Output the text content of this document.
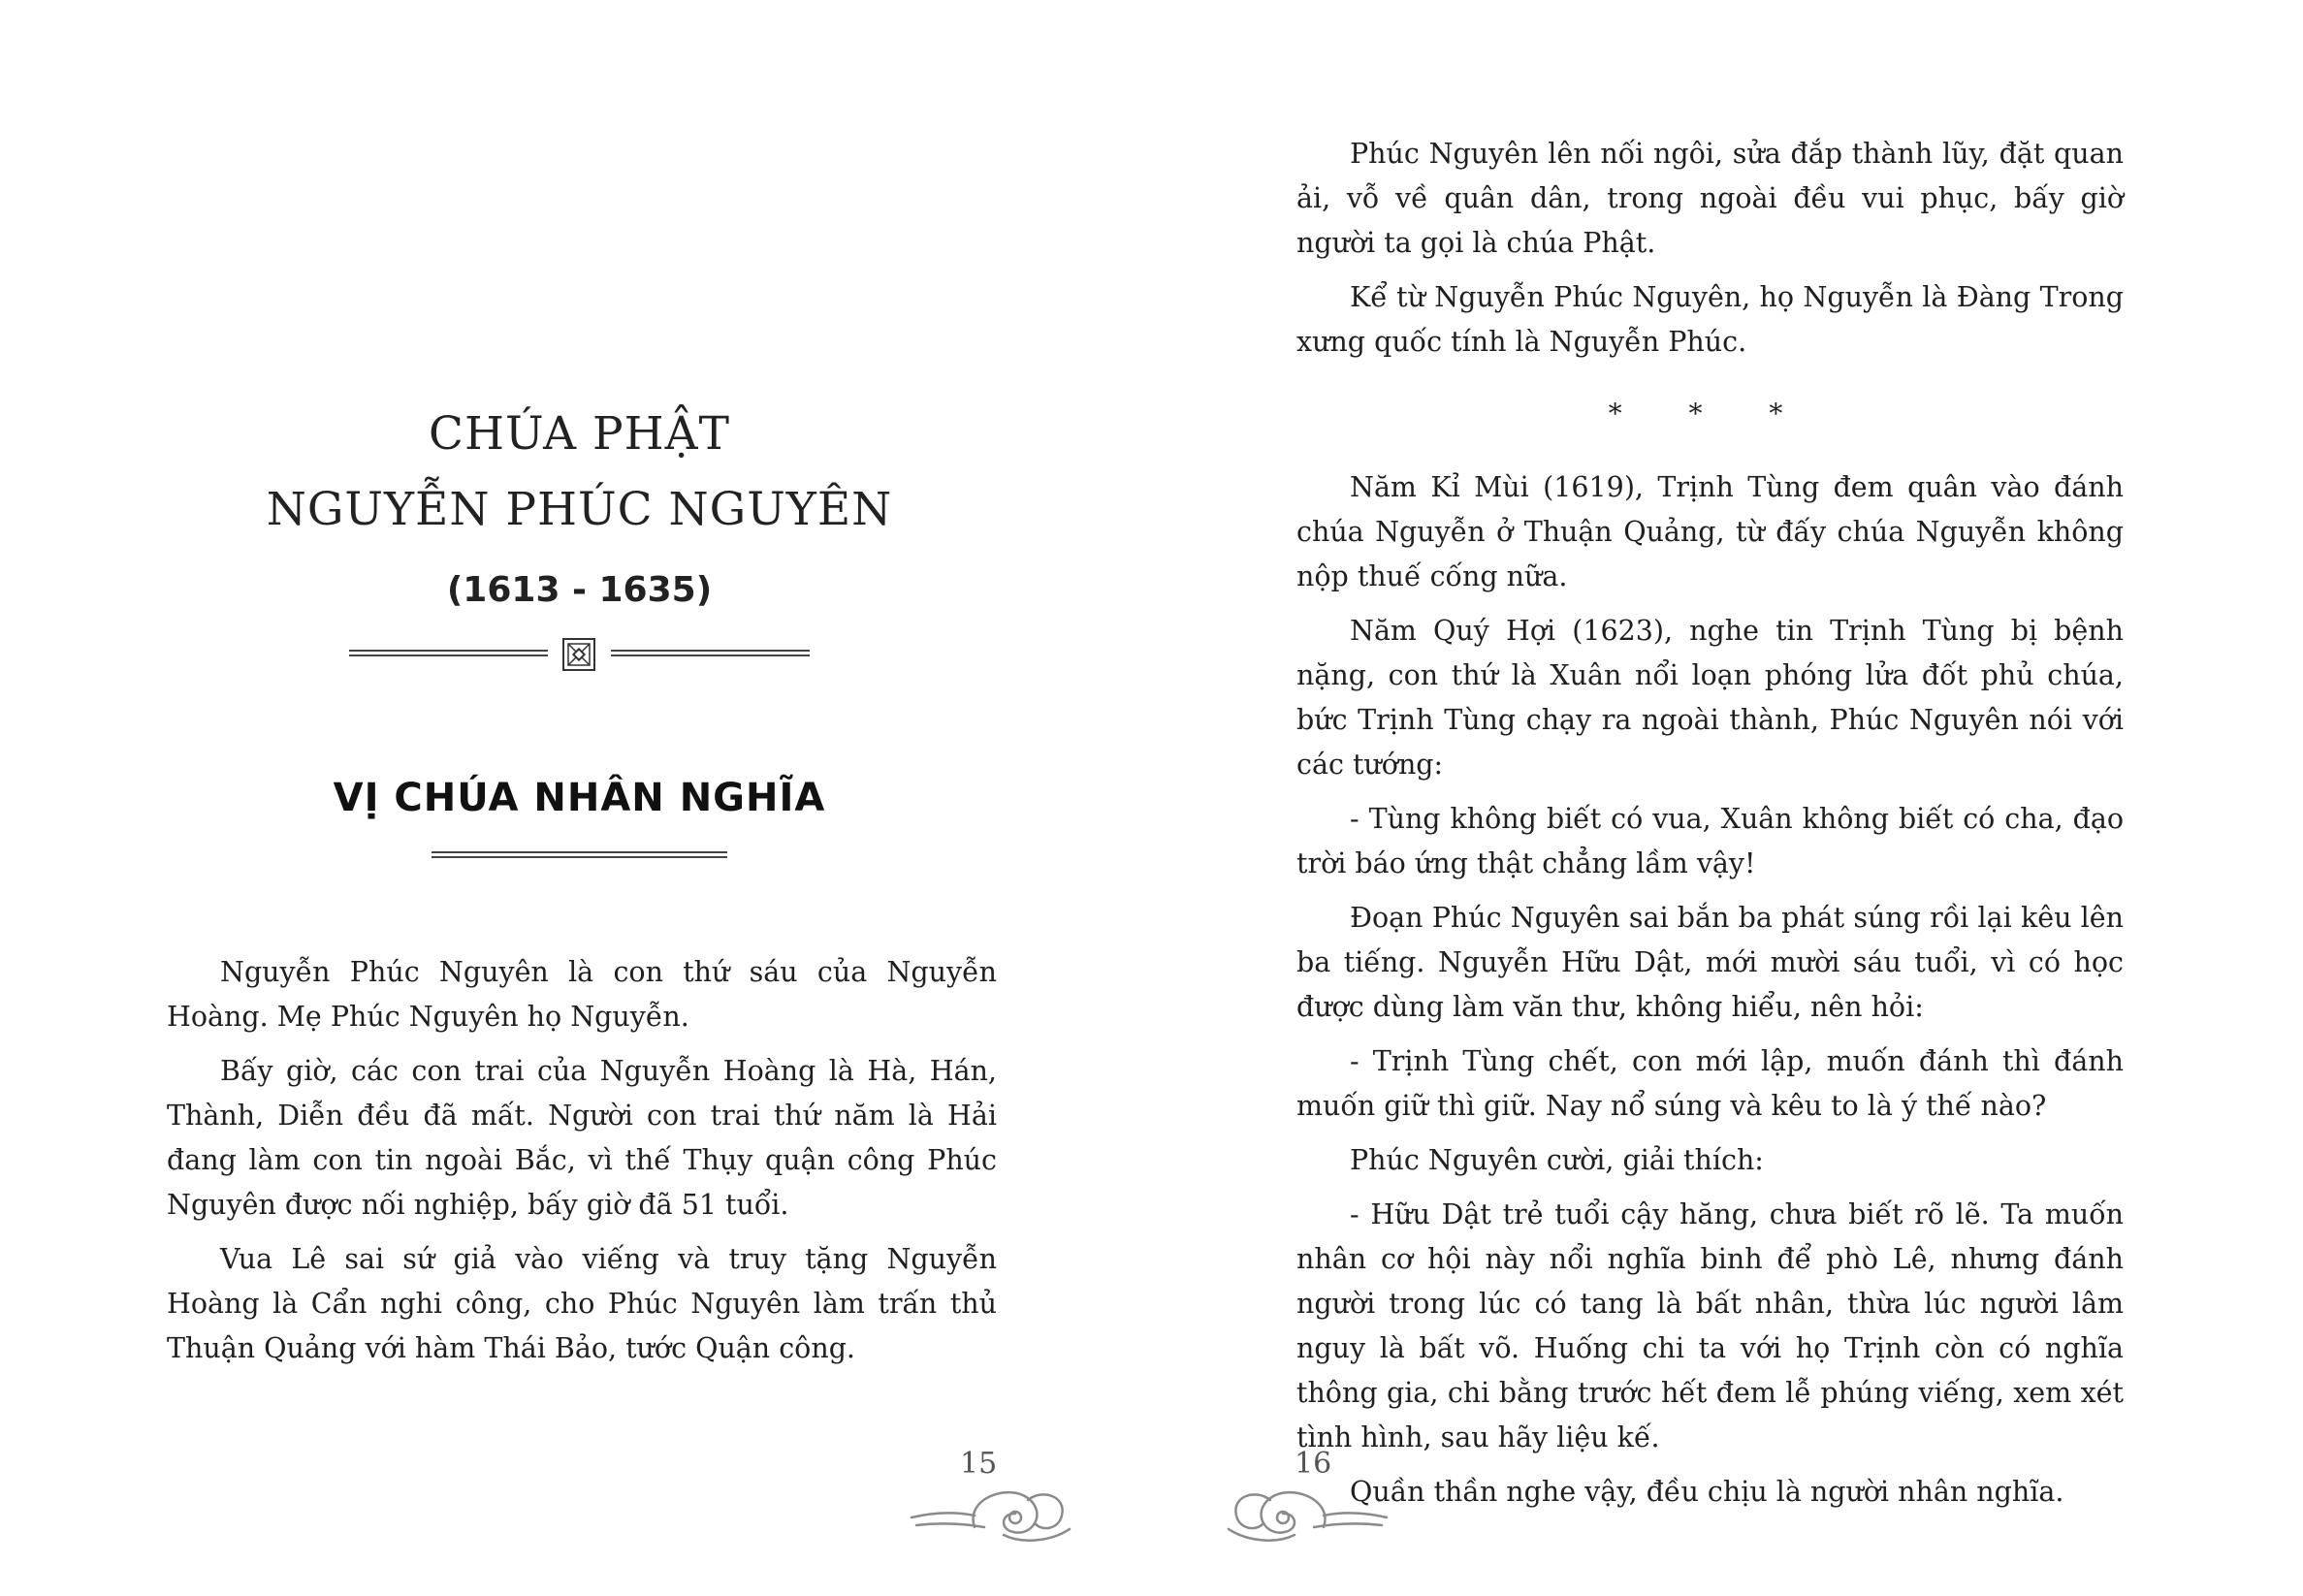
CHÚA PHẬT
NGUYỄN PHÚC NGUYÊN
(1613 - 1635)
VỊ CHÚA NHÂN NGHĨA

Nguyễn Phúc Nguyên là con thứ sáu của Nguyễn Hoàng. Mẹ Phúc Nguyên họ Nguyễn.

Bấy giờ, các con trai của Nguyễn Hoàng là Hà, Hán, Thành, Diễn đều đã mất. Người con trai thứ năm là Hải đang làm con tin ngoài Bắc, vì thế Thụy quận công Phúc Nguyên được nối nghiệp, bấy giờ đã 51 tuổi.

Vua Lê sai sứ giả vào viếng và truy tặng Nguyễn Hoàng là Cẩn nghi công, cho Phúc Nguyên làm trấn thủ Thuận Quảng với hàm Thái Bảo, tước Quận công.

15

Phúc Nguyên lên nối ngôi, sửa đắp thành lũy, đặt quan ải, vỗ về quân dân, trong ngoài đều vui phục, bấy giờ người ta gọi là chúa Phật.

Kể từ Nguyễn Phúc Nguyên, họ Nguyễn là Đàng Trong xưng quốc tính là Nguyễn Phúc.

* * *

Năm Kỉ Mùi (1619), Trịnh Tùng đem quân vào đánh chúa Nguyễn ở Thuận Quảng, từ đấy chúa Nguyễn không nộp thuế cống nữa.

Năm Quý Hợi (1623), nghe tin Trịnh Tùng bị bệnh nặng, con thứ là Xuân nổi loạn phóng lửa đốt phủ chúa, bức Trịnh Tùng chạy ra ngoài thành, Phúc Nguyên nói với các tướng:

- Tùng không biết có vua, Xuân không biết có cha, đạo trời báo ứng thật chẳng lầm vậy!

Đoạn Phúc Nguyên sai bắn ba phát súng rồi lại kêu lên ba tiếng. Nguyễn Hữu Dật, mới mười sáu tuổi, vì có học được dùng làm văn thư, không hiểu, nên hỏi:

- Trịnh Tùng chết, con mới lập, muốn đánh thì đánh muốn giữ thì giữ. Nay nổ súng và kêu to là ý thế nào?

Phúc Nguyên cười, giải thích:

- Hữu Dật trẻ tuổi cậy hăng, chưa biết rõ lẽ. Ta muốn nhân cơ hội này nổi nghĩa binh để phò Lê, nhưng đánh người trong lúc có tang là bất nhân, thừa lúc người lâm nguy là bất võ. Huống chi ta với họ Trịnh còn có nghĩa thông gia, chi bằng trước hết đem lễ phúng viếng, xem xét tình hình, sau hãy liệu kế.

Quần thần nghe vậy, đều chịu là người nhân nghĩa.

16
